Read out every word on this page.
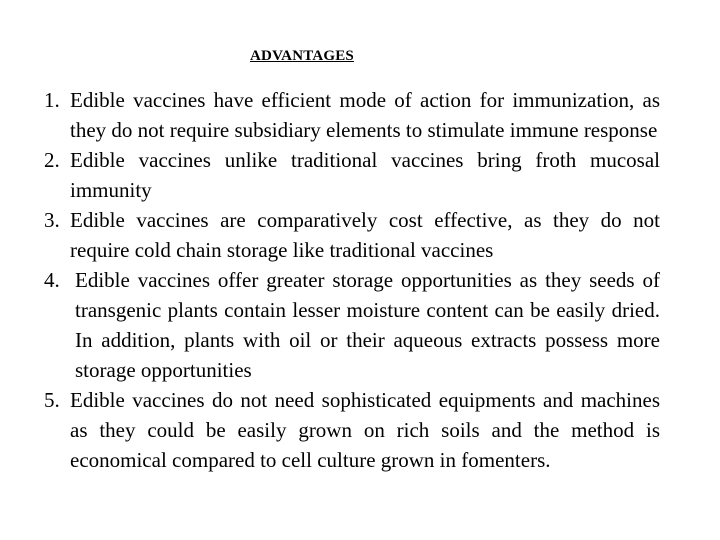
ADVANTAGES
1. Edible vaccines have efficient mode of action for immunization, as they do not require subsidiary elements to stimulate immune response
2. Edible vaccines unlike traditional vaccines bring froth mucosal immunity
3. Edible vaccines are comparatively cost effective, as they do not require cold chain storage like traditional vaccines
4. Edible vaccines offer greater storage opportunities as they seeds of transgenic plants contain lesser moisture content can be easily dried. In addition, plants with oil or their aqueous extracts possess more storage opportunities
5. Edible vaccines do not need sophisticated equipments and machines as they could be easily grown on rich soils and the method is economical compared to cell culture grown in fomenters.
